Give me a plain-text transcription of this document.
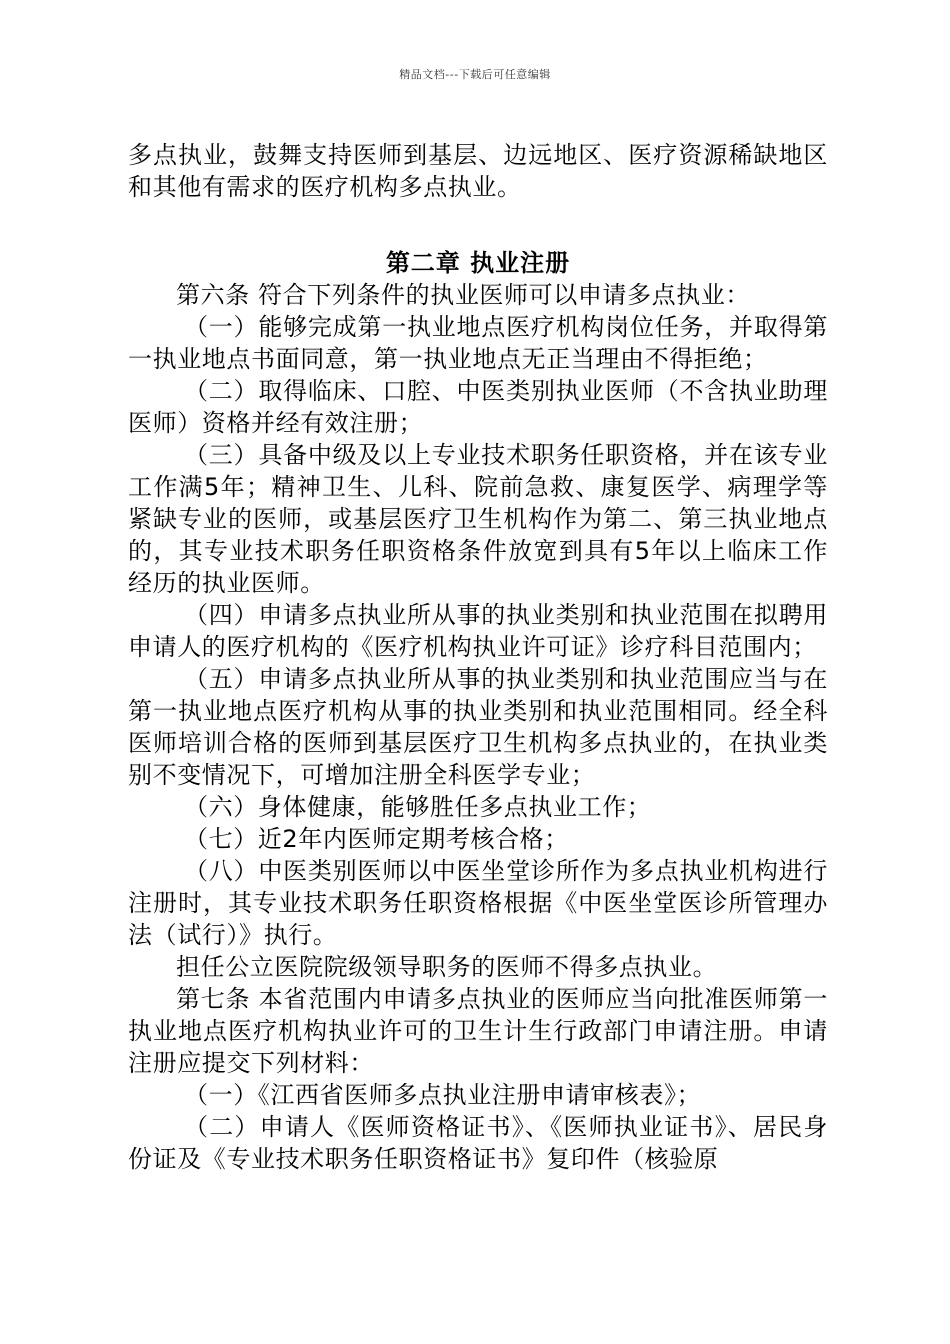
精品文档---下载后可任意编辑

多点执业，鼓舞支持医师到基层、边远地区、医疗资源稀缺地区和其他有需求的医疗机构多点执业。

第二章 执业注册

第六条 符合下列条件的执业医师可以申请多点执业：

（一）能够完成第一执业地点医疗机构岗位任务，并取得第一执业地点书面同意，第一执业地点无正当理由不得拒绝；

（二）取得临床、口腔、中医类别执业医师（不含执业助理医师）资格并经有效注册；

（三）具备中级及以上专业技术职务任职资格，并在该专业工作满5年；精神卫生、儿科、院前急救、康复医学、病理学等紧缺专业的医师，或基层医疗卫生机构作为第二、第三执业地点的，其专业技术职务任职资格条件放宽到具有5年以上临床工作经历的执业医师。

（四）申请多点执业所从事的执业类别和执业范围在拟聘用申请人的医疗机构的《医疗机构执业许可证》诊疗科目范围内；

（五）申请多点执业所从事的执业类别和执业范围应当与在第一执业地点医疗机构从事的执业类别和执业范围相同。经全科医师培训合格的医师到基层医疗卫生机构多点执业的，在执业类别不变情况下，可增加注册全科医学专业；

（六）身体健康，能够胜任多点执业工作；

（七）近2年内医师定期考核合格；

（八）中医类别医师以中医坐堂诊所作为多点执业机构进行注册时，其专业技术职务任职资格根据《中医坐堂医诊所管理办法（试行）》执行。

担任公立医院院级领导职务的医师不得多点执业。

第七条 本省范围内申请多点执业的医师应当向批准医师第一执业地点医疗机构执业许可的卫生计生行政部门申请注册。申请注册应提交下列材料：

（一）《江西省医师多点执业注册申请审核表》；

（二）申请人《医师资格证书》、《医师执业证书》、居民身份证及《专业技术职务任职资格证书》复印件（核验原
